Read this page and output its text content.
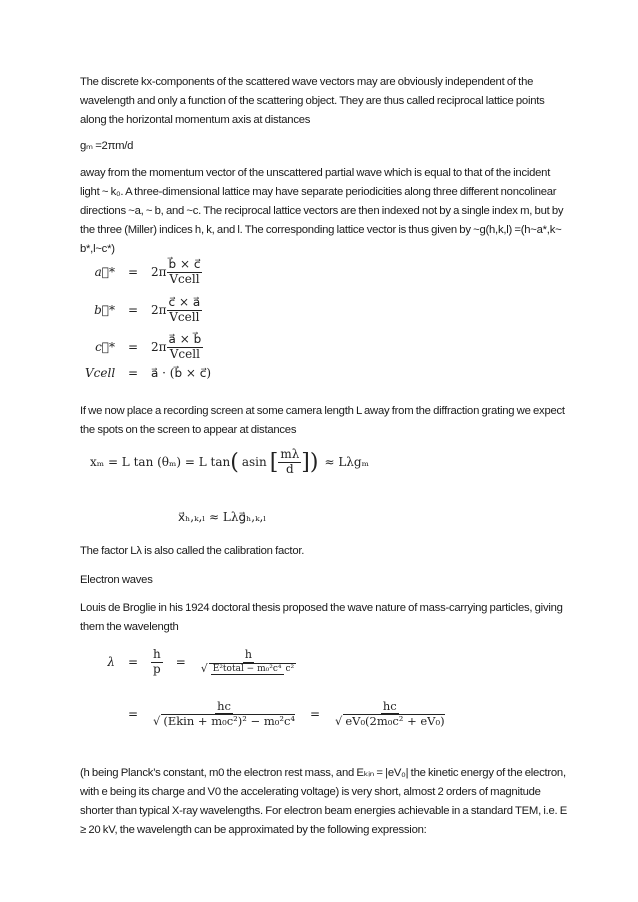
The discrete kx-components of the scattered wave vectors may are obviously independent of the wavelength and only a function of the scattering object. They are thus called reciprocal lattice points along the horizontal momentum axis at distances

gₘ =2πm/d

away from the momentum vector of the unscattered partial wave which is equal to that of the incident light ~ k₀. A three-dimensional lattice may have separate periodicities along three different noncolinear directions ~a, ~ b, and ~c. The reciprocal lattice vectors are then indexed not by a single index m, but by the three (Miller) indices h, k, and l. The corresponding lattice vector is thus given by ~g(h,k,l) =(h~a*,k~ b*,l~c*)

a⃗*	=	$2\pi \frac{b⃗ \times c⃗}{\text{Vcell}}$
b⃗*	=	$2\pi \frac{c⃗ \times a⃗}{\text{Vcell}}$
c⃗*	=	$2\pi \frac{a⃗ \times b⃗}{\text{Vcell}}$
Vcell	=	a⃗ · (b⃗ × c⃗)

If we now place a recording screen at some camera length L away from the diffraction grating we expect the spots on the screen to appear at distances

xₘ = L tan (θₘ) = L tan ( asin [ $\frac{m\lambda}{d}$ ]) ≈ Lλgₘ
x⃗ₕ,ₖ,ₗ ≈ Lλg⃗ₕ,ₖ,ₗ

The factor Lλ is also called the calibration factor.

Electron waves

Louis de Broglie in his 1924 doctoral thesis proposed the wave nature of mass-carrying particles, giving them the wavelength

λ	=	$\frac{h}{p}$	=	$\frac{h}{\text{√ E²total − m₀²c⁴ c²}}$
=	$\frac{hc}{\text{√ (Ekin + m₀c²)² − m₀²c⁴}}$	=	$\frac{hc}{\text{√ eV₀(2m₀c² + eV₀)}}$

(h being Planck’s constant, m0 the electron rest mass, and Eₖᵢₙ = |eV₀| the kinetic energy of the electron, with e being its charge and V0 the accelerating voltage) is very short, almost 2 orders of magnitude shorter than typical X-ray wavelengths. For electron beam energies achievable in a standard TEM, i.e. E ≥ 20 kV, the wavelength can be approximated by the following expression:
